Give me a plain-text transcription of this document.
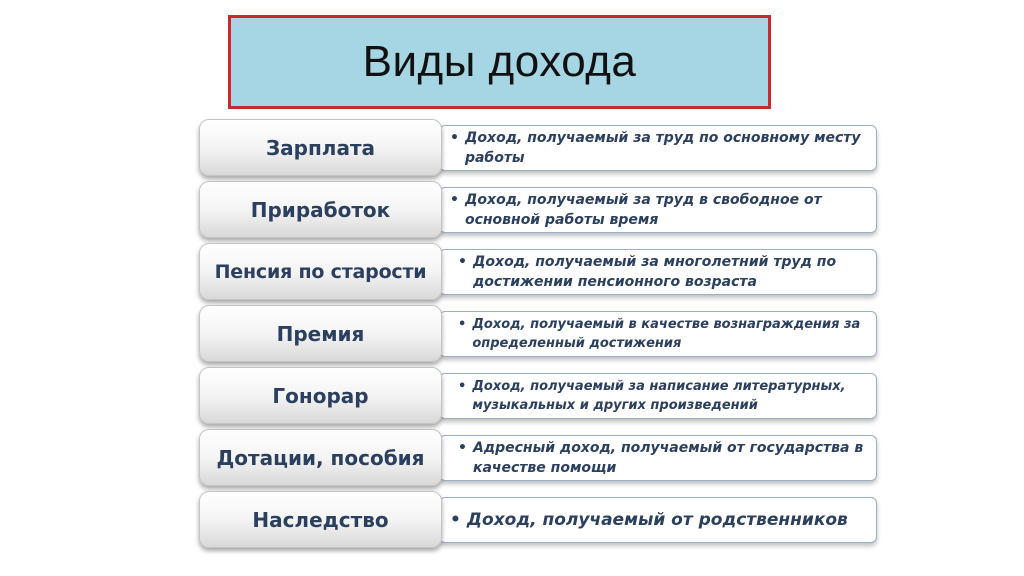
Виды дохода
• Доход, получаемый за труд по основному месту работы
Зарплата
• Доход, получаемый за труд в свободное от основной работы время
Приработок
• Доход, получаемый за многолетний труд по достижении пенсионного возраста
Пенсия по старости
• Доход, получаемый в качестве вознаграждения за определенный достижения
Премия
• Доход, получаемый за написание литературных, музыкальных и других произведений
Гонорар
• Адресный доход, получаемый от государства в качестве помощи
Дотации, пособия
• Доход, получаемый от родственников
Наследство
